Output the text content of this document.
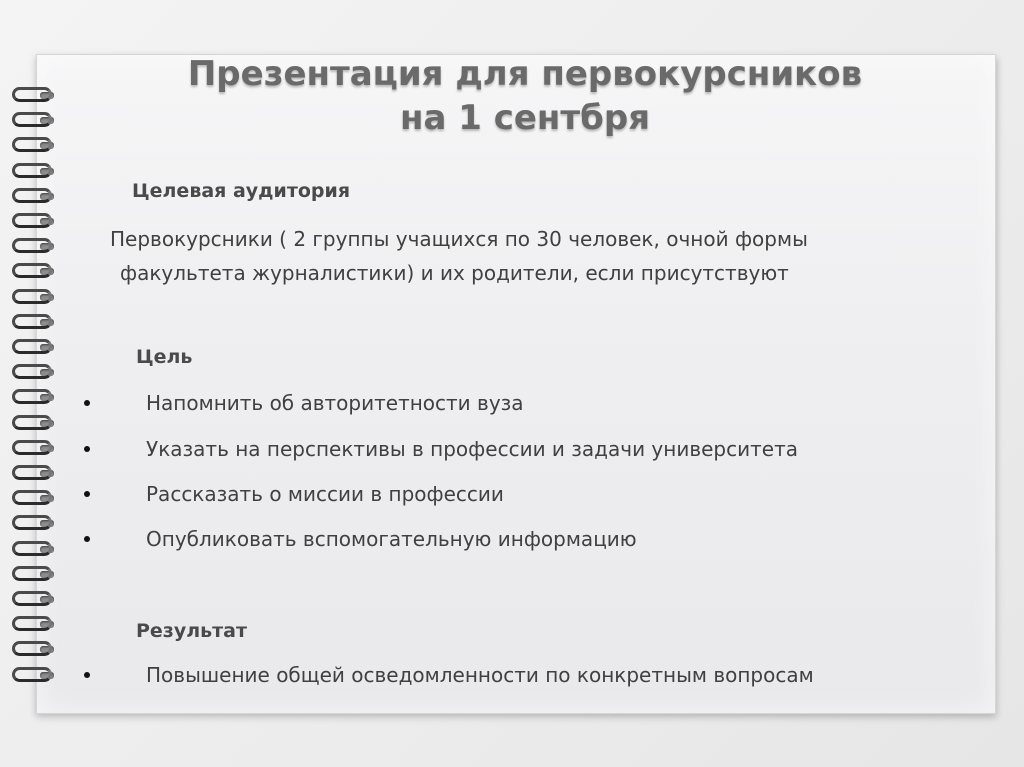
Презентация для первокурсников
на 1 сентбря
Целевая аудитория
Первокурсники ( 2 группы учащихся по 30 человек, очной формы
факультета журналистики) и их родители, если присутствуют
Цель
Напомнить об авторитетности вуза
Указать на перспективы в профессии и задачи университета
Рассказать о миссии в профессии
Опубликовать вспомогательную информацию
Результат
Повышение общей осведомленности по конкретным вопросам
